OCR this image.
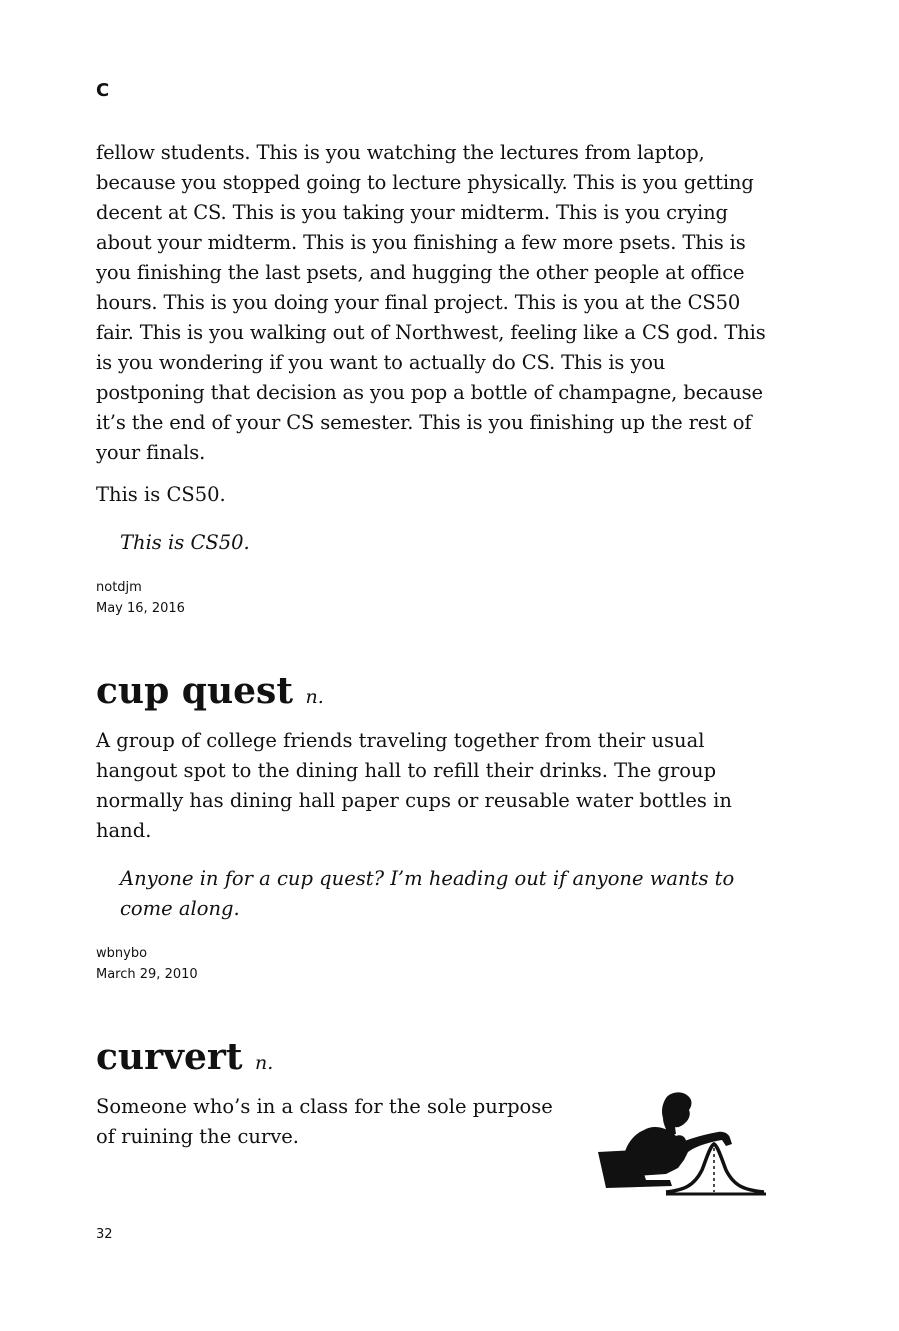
C

fellow students. This is you watching the lectures from laptop, because you stopped going to lecture physically. This is you getting decent at CS. This is you taking your midterm. This is you crying about your midterm. This is you finishing a few more psets. This is you finishing the last psets, and hugging the other people at office hours. This is you doing your final project. This is you at the CS50 fair. This is you walking out of Northwest, feeling like a CS god. This is you wondering if you want to actually do CS. This is you postponing that decision as you pop a bottle of champagne, because it’s the end of your CS semester. This is you finishing up the rest of your finals.

This is CS50.

This is CS50.

notdjm
May 16, 2016
cup quest n.

A group of college friends traveling together from their usual hangout spot to the dining hall to refill their drinks. The group normally has dining hall paper cups or reusable water bottles in hand.

Anyone in for a cup quest? I’m heading out if anyone wants to come along.

wbnybo
March 29, 2010
curvert n.

Someone who’s in a class for the sole purpose of ruining the curve.

32
